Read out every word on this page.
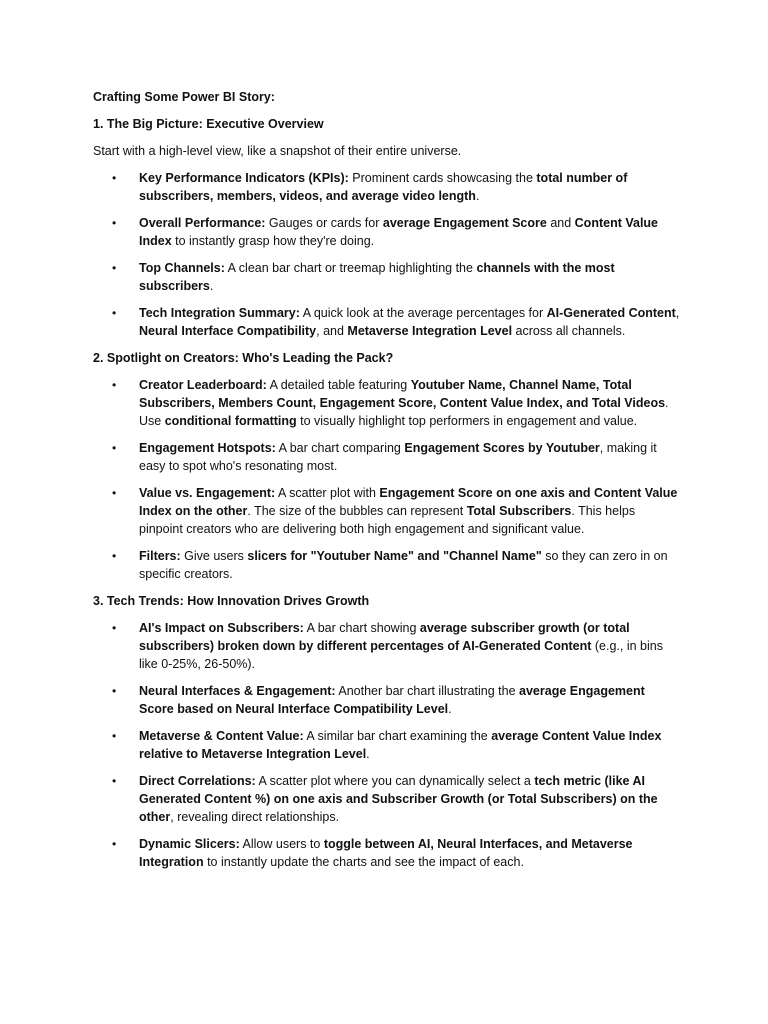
Crafting Some Power BI Story:

1. The Big Picture: Executive Overview

Start with a high-level view, like a snapshot of their entire universe.

• Key Performance Indicators (KPIs): Prominent cards showcasing the total number of subscribers, members, videos, and average video length.
• Overall Performance: Gauges or cards for average Engagement Score and Content Value Index to instantly grasp how they're doing.
• Top Channels: A clean bar chart or treemap highlighting the channels with the most subscribers.
• Tech Integration Summary: A quick look at the average percentages for AI-Generated Content, Neural Interface Compatibility, and Metaverse Integration Level across all channels.

2. Spotlight on Creators: Who's Leading the Pack?

• Creator Leaderboard: A detailed table featuring Youtuber Name, Channel Name, Total Subscribers, Members Count, Engagement Score, Content Value Index, and Total Videos. Use conditional formatting to visually highlight top performers in engagement and value.
• Engagement Hotspots: A bar chart comparing Engagement Scores by Youtuber, making it easy to spot who's resonating most.
• Value vs. Engagement: A scatter plot with Engagement Score on one axis and Content Value Index on the other. The size of the bubbles can represent Total Subscribers. This helps pinpoint creators who are delivering both high engagement and significant value.
• Filters: Give users slicers for "Youtuber Name" and "Channel Name" so they can zero in on specific creators.

3. Tech Trends: How Innovation Drives Growth

• AI's Impact on Subscribers: A bar chart showing average subscriber growth (or total subscribers) broken down by different percentages of AI-Generated Content (e.g., in bins like 0-25%, 26-50%).
• Neural Interfaces & Engagement: Another bar chart illustrating the average Engagement Score based on Neural Interface Compatibility Level.
• Metaverse & Content Value: A similar bar chart examining the average Content Value Index relative to Metaverse Integration Level.
• Direct Correlations: A scatter plot where you can dynamically select a tech metric (like AI Generated Content %) on one axis and Subscriber Growth (or Total Subscribers) on the other, revealing direct relationships.
• Dynamic Slicers: Allow users to toggle between AI, Neural Interfaces, and Metaverse Integration to instantly update the charts and see the impact of each.
